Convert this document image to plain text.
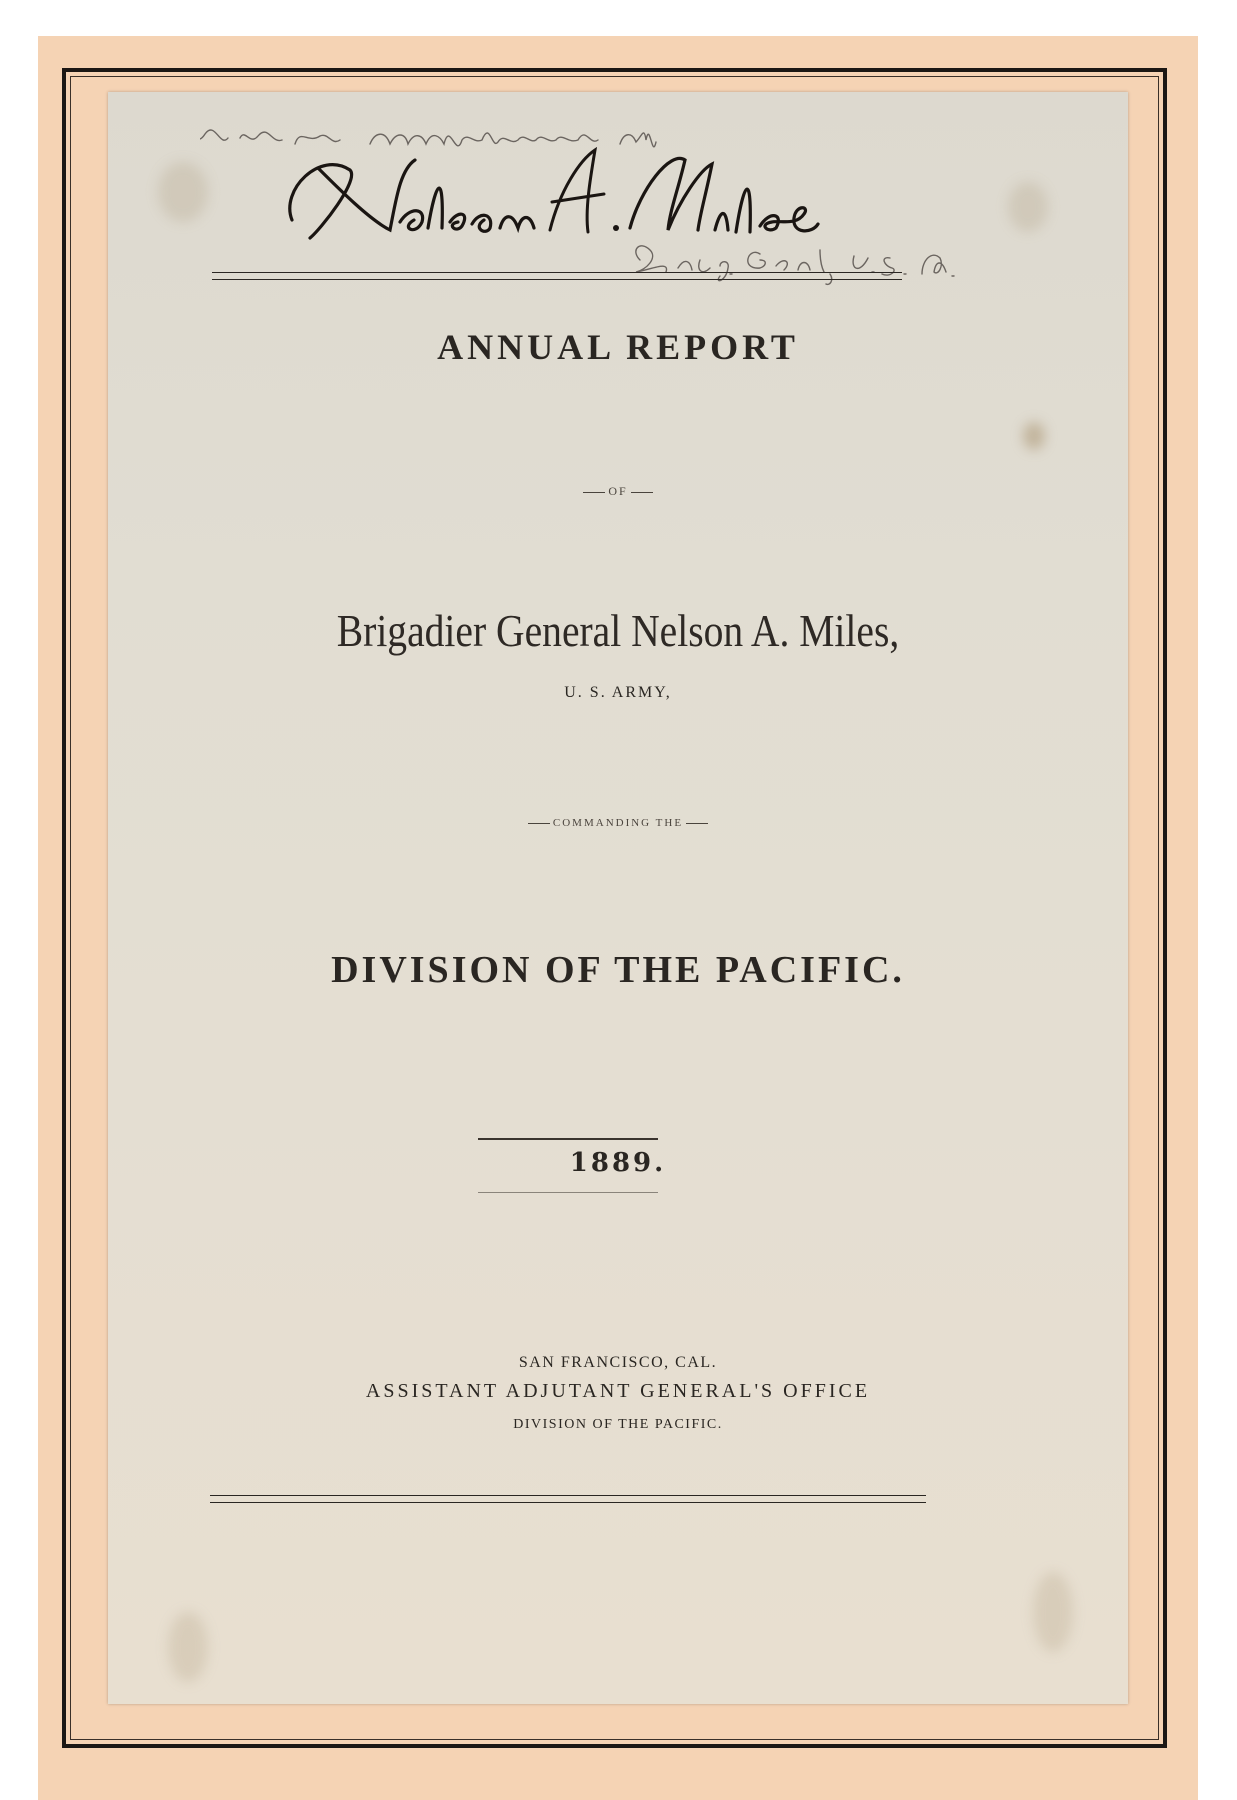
ANNUAL REPORT
OF
Brigadier General Nelson A. Miles,
U. S. ARMY,
COMMANDING THE
DIVISION OF THE PACIFIC.
1889.
SAN FRANCISCO, CAL.
ASSISTANT ADJUTANT GENERAL'S OFFICE
DIVISION OF THE PACIFIC.
